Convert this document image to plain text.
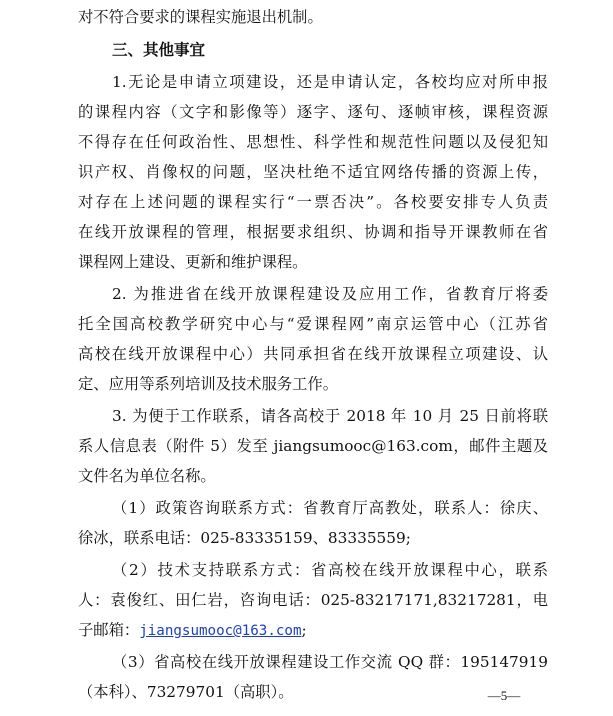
对不符合要求的课程实施退出机制。
三、其他事宜
1.无论是申请立项建设，还是申请认定，各校均应对所申报
的课程内容（文字和影像等）逐字、逐句、逐帧审核，课程资源
不得存在任何政治性、思想性、科学性和规范性问题以及侵犯知
识产权、肖像权的问题，坚决杜绝不适宜网络传播的资源上传，
对存在上述问题的课程实行“一票否决”。各校要安排专人负责
在线开放课程的管理，根据要求组织、协调和指导开课教师在省
课程网上建设、更新和维护课程。
2. 为推进省在线开放课程建设及应用工作，省教育厅将委
托全国高校教学研究中心与“爱课程网”南京运管中心（江苏省
高校在线开放课程中心）共同承担省在线开放课程立项建设、认
定、应用等系列培训及技术服务工作。
3. 为便于工作联系，请各高校于 2018 年 10 月 25 日前将联
系人信息表（附件 5）发至 jiangsumooc@163.com，邮件主题及
文件名为单位名称。
（1）政策咨询联系方式：省教育厅高教处，联系人：徐庆、
徐冰，联系电话：025-83335159、83335559;
（2）技术支持联系方式：省高校在线开放课程中心，联系
人：袁俊红、田仁岩，咨询电话：025-83217171,83217281，电
子邮箱：jiangsumooc@163.com;
（3）省高校在线开放课程建设工作交流 QQ 群：195147919
（本科）、73279701（高职）。	—5—
